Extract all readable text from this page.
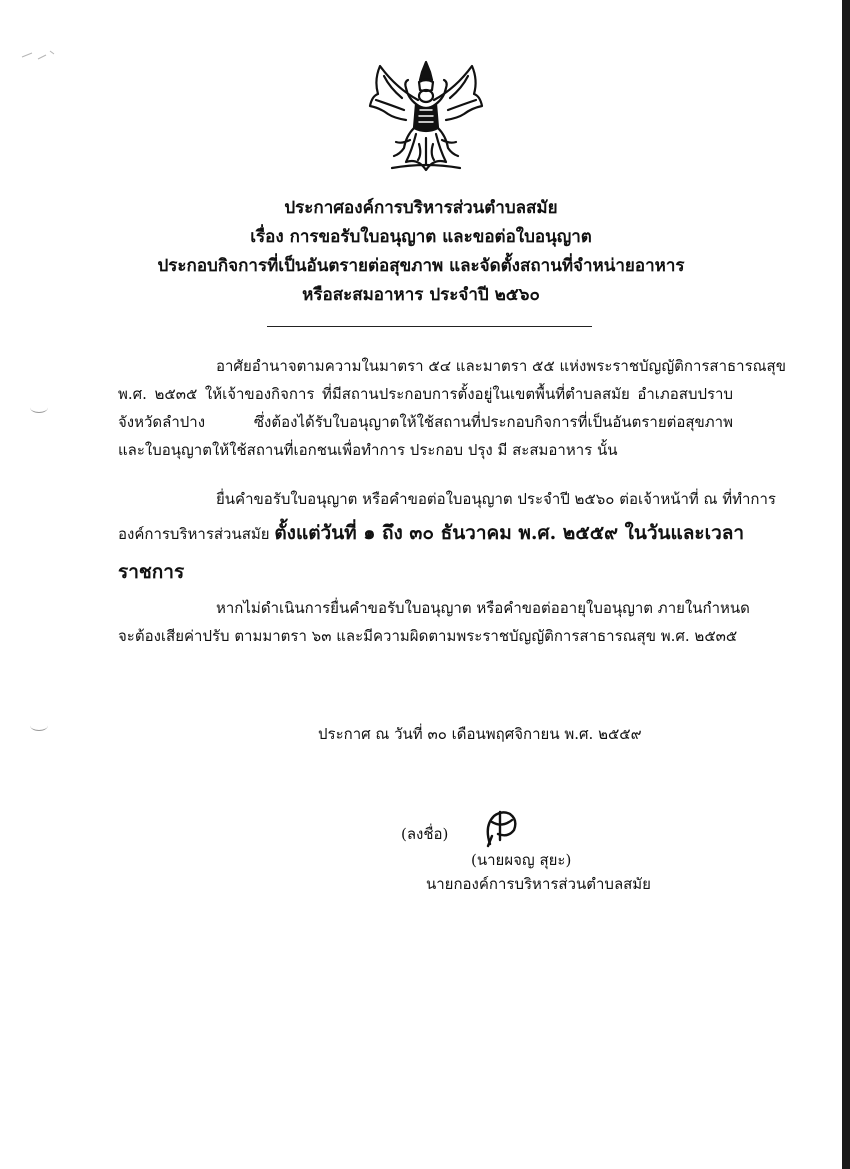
ประกาศองค์การบริหารส่วนตำบลสมัย
เรื่อง การขอรับใบอนุญาต และขอต่อใบอนุญาต
ประกอบกิจการที่เป็นอันตรายต่อสุขภาพ และจัดตั้งสถานที่จำหน่ายอาหาร
หรือสะสมอาหาร ประจำปี ๒๕๖๐
อาศัยอำนาจตามความในมาตรา ๕๔ และมาตรา ๕๕ แห่งพระราชบัญญัติการสาธารณสุข
พ.ศ. ๒๕๓๕ ให้เจ้าของกิจการ ที่มีสถานประกอบการตั้งอยู่ในเขตพื้นที่ตำบลสมัย อำเภอสบปราบ
จังหวัดลำปาง ซึ่งต้องได้รับใบอนุญาตให้ใช้สถานที่ประกอบกิจการที่เป็นอันตรายต่อสุขภาพ
และใบอนุญาตให้ใช้สถานที่เอกชนเพื่อทำการ ประกอบ ปรุง มี สะสมอาหาร นั้น
ยื่นคำขอรับใบอนุญาต หรือคำขอต่อใบอนุญาต ประจำปี ๒๕๖๐ ต่อเจ้าหน้าที่ ณ ที่ทำการ
องค์การบริหารส่วนสมัย ตั้งแต่วันที่ ๑ ถึง ๓๐ ธันวาคม พ.ศ. ๒๕๕๙ ในวันและเวลา
ราชการ
หากไม่ดำเนินการยื่นคำขอรับใบอนุญาต หรือคำขอต่ออายุใบอนุญาต ภายในกำหนด
จะต้องเสียค่าปรับ ตามมาตรา ๖๓ และมีความผิดตามพระราชบัญญัติการสาธารณสุข พ.ศ. ๒๕๓๕
ประกาศ ณ วันที่ ๓๐ เดือนพฤศจิกายน พ.ศ. ๒๕๕๙
(ลงชื่อ)
(นายผจญ สุยะ)
นายกองค์การบริหารส่วนตำบลสมัย
